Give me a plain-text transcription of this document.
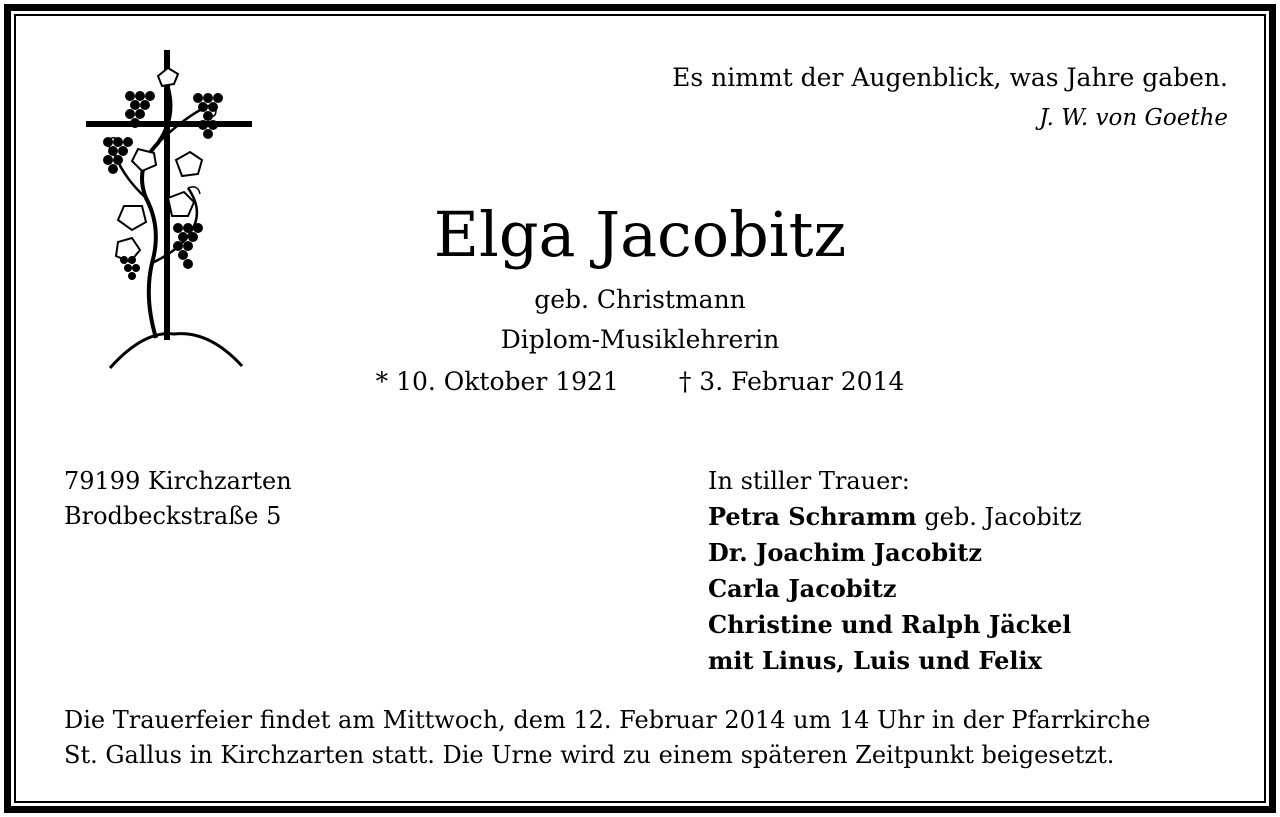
Es nimmt der Augenblick, was Jahre gaben.
J. W. von Goethe
Elga Jacobitz
geb. Christmann
Diplom-Musiklehrerin
* 10. Oktober 1921 † 3. Februar 2014
79199 Kirchzarten
Brodbeckstraße 5
In stiller Trauer:
Petra Schramm geb. Jacobitz
Dr. Joachim Jacobitz
Carla Jacobitz
Christine und Ralph Jäckel
mit Linus, Luis und Felix
Die Trauerfeier findet am Mittwoch, dem 12. Februar 2014 um 14 Uhr in der Pfarrkirche
St. Gallus in Kirchzarten statt. Die Urne wird zu einem späteren Zeitpunkt beigesetzt.
